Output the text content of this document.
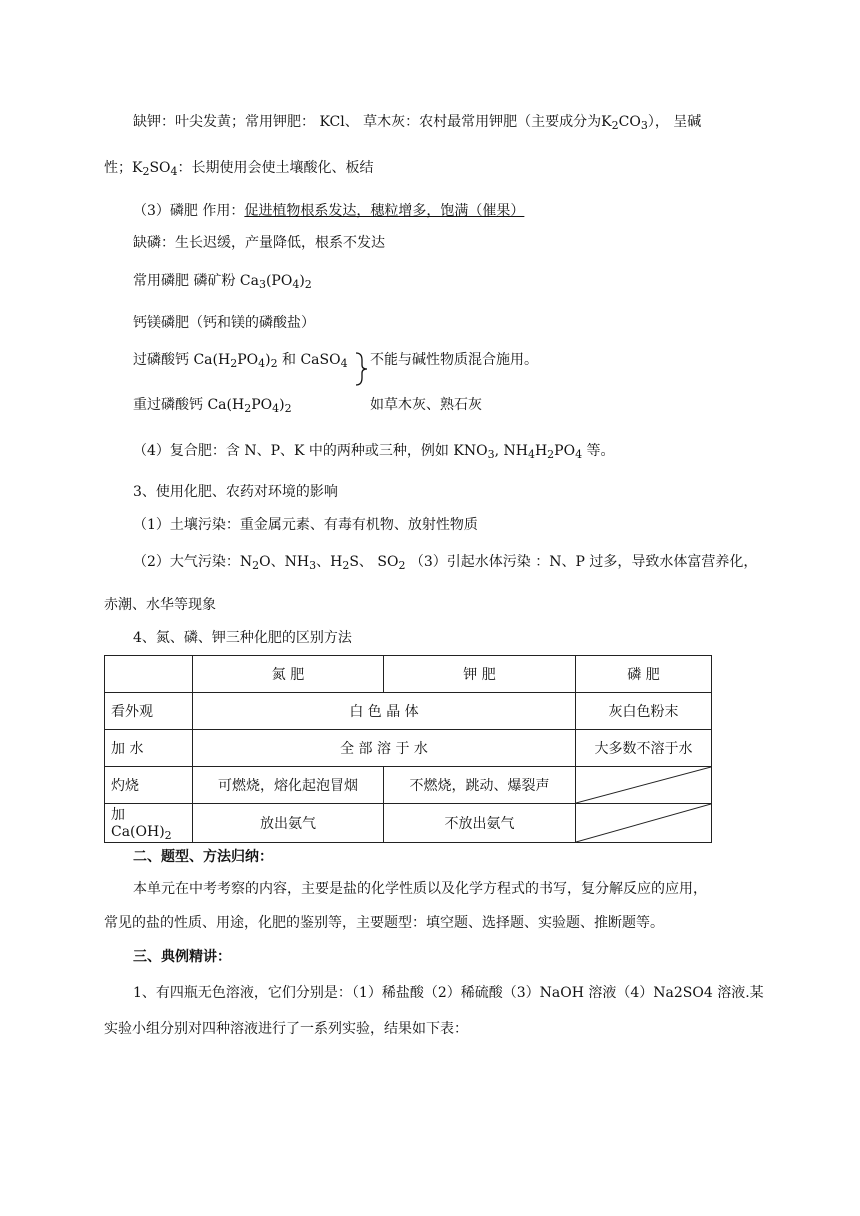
缺钾：叶尖发黄；常用钾肥： KCl、 草木灰：农村最常用钾肥（主要成分为$K_2CO_3$）， 呈碱
性；$K_2SO_4$：长期使用会使土壤酸化、板结
（3）磷肥 作用：促进植物根系发达，穗粒增多，饱满（催果）
缺磷：生长迟缓，产量降低，根系不发达
常用磷肥 磷矿粉 $Ca_3(PO_4)_2$
钙镁磷肥（钙和镁的磷酸盐）
过磷酸钙 $Ca(H_2PO_4)_2$ 和 CaSO$_4$ 不能与碱性物质混合施用。
重过磷酸钙 $Ca(H_2PO_4)_2$	如草木灰、熟石灰
（4）复合肥：含 N、P、K 中的两种或三种，例如 $KNO_3$, $NH_4H_2PO_4$ 等。
3、使用化肥、农药对环境的影响
（1）土壤污染：重金属元素、有毒有机物、放射性物质
（2）大气污染：$N_2O$、$NH_3$、$H_2S$、 $SO_2$ （3）引起水体污染 ：N、P 过多，导致水体富营养化，
赤潮、水华等现象
4、氮、磷、钾三种化肥的区别方法
	氮 肥	钾 肥	磷 肥
看外观	白 色 晶 体		灰白色粉末
加 水	全 部 溶 于 水		大多数不溶于水
灼烧	可燃烧，熔化起泡冒烟	不燃烧，跳动、爆裂声	

加 $Ca(OH)_2$	放出氨气	不放出氨气	
二、题型、方法归纳：
本单元在中考考察的内容，主要是盐的化学性质以及化学方程式的书写，复分解反应的应用，
常见的盐的性质、用途，化肥的鉴别等，主要题型：填空题、选择题、实验题、推断题等。
三、典例精讲：
1、有四瓶无色溶液，它们分别是：（1）稀盐酸（2）稀硫酸（3）NaOH 溶液（4）Na2SO4 溶液.某
实验小组分别对四种溶液进行了一系列实验，结果如下表：
